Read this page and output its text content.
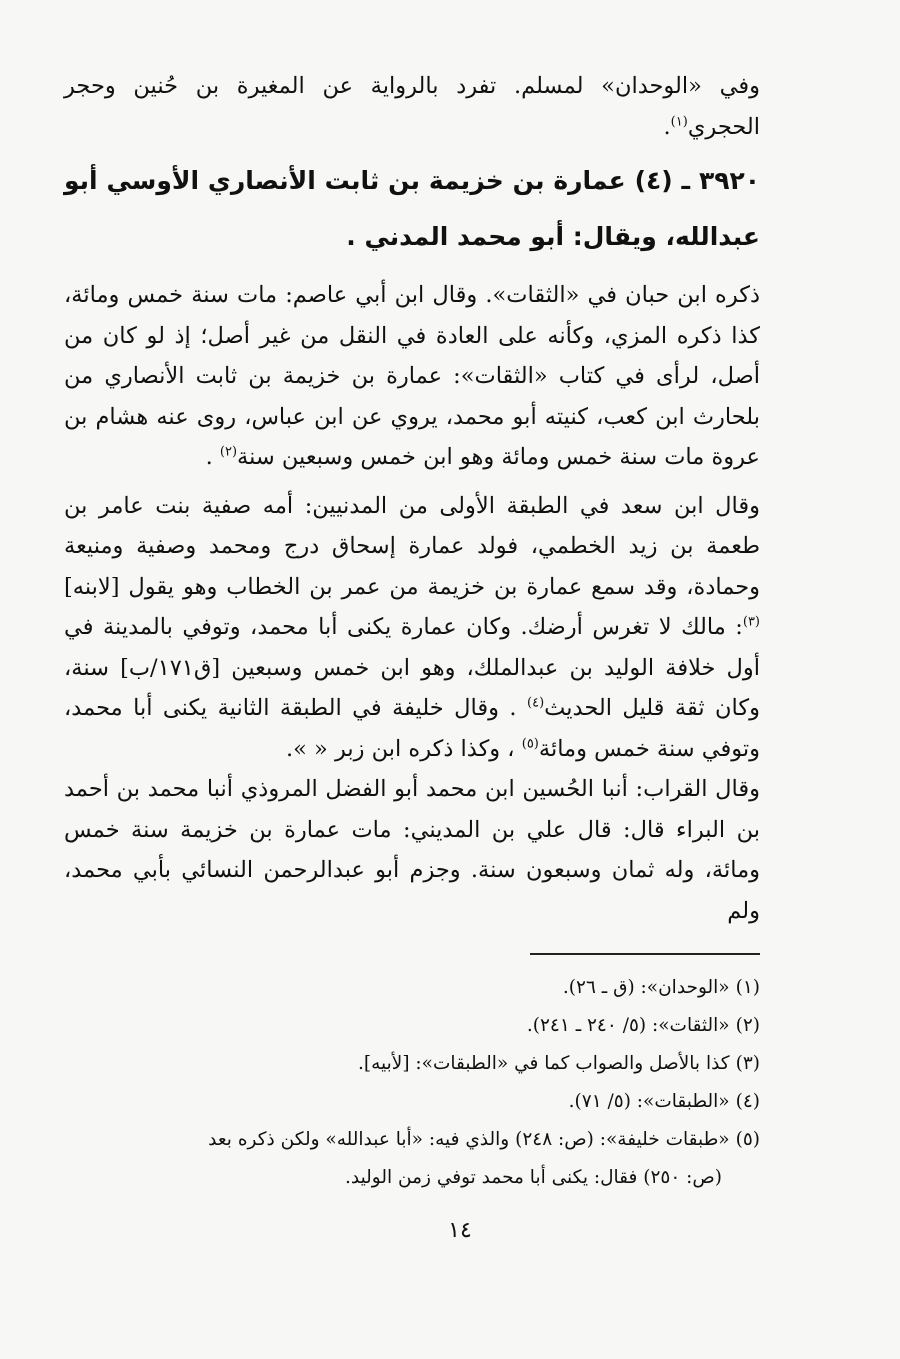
وفي «الوحدان» لمسلم. تفرد بالرواية عن المغيرة بن حُنين وحجر الحجري$^{(١)}$.

٣٩٢٠ ـ (٤) عمارة بن خزيمة بن ثابت الأنصاري الأوسي أبو عبدالله، ويقال: أبو محمد المدني .

ذكره ابن حبان في «الثقات». وقال ابن أبي عاصم: مات سنة خمس ومائة، كذا ذكره المزي، وكأنه على العادة في النقل من غير أصل؛ إذ لو كان من أصل، لرأى في كتاب «الثقات»: عمارة بن خزيمة بن ثابت الأنصاري من بلحارث ابن كعب، كنيته أبو محمد، يروي عن ابن عباس، روى عنه هشام بن عروة مات سنة خمس ومائة وهو ابن خمس وسبعين سنة$^{(٢)}$ .

وقال ابن سعد في الطبقة الأولى من المدنيين: أمه صفية بنت عامر بن طعمة بن زيد الخطمي، فولد عمارة إسحاق درج ومحمد وصفية ومنيعة وحمادة، وقد سمع عمارة بن خزيمة من عمر بن الخطاب وهو يقول [لابنه]$^{(٣)}$: مالك لا تغرس أرضك. وكان عمارة يكنى أبا محمد، وتوفي بالمدينة في أول خلافة الوليد بن عبدالملك، وهو ابن خمس وسبعين [ق١٧١/ب] سنة، وكان ثقة قليل الحديث$^{(٤)}$ . وقال خليفة في الطبقة الثانية يكنى أبا محمد، وتوفي سنة خمس ومائة$^{(٥)}$ ، وكذا ذكره ابن زبر « ».

وقال القراب: أنبا الحُسين ابن محمد أبو الفضل المروذي أنبا محمد بن أحمد بن البراء قال: قال علي بن المديني: مات عمارة بن خزيمة سنة خمس ومائة، وله ثمان وسبعون سنة. وجزم أبو عبدالرحمن النسائي بأبي محمد، ولم

(١)«الوحدان»: (ق ـ ٢٦).

(٢)«الثقات»: (٥/ ٢٤٠ ـ ٢٤١).

(٣)كذا بالأصل والصواب كما في «الطبقات»: [لأبيه].

(٤)«الطبقات»: (٥/ ٧١).

(٥)«طبقات خليفة»: (ص: ٢٤٨) والذي فيه: «أبا عبدالله» ولكن ذكره بعد

(ص: ٢٥٠) فقال: يكنى أبا محمد توفي زمن الوليد.

١٤
